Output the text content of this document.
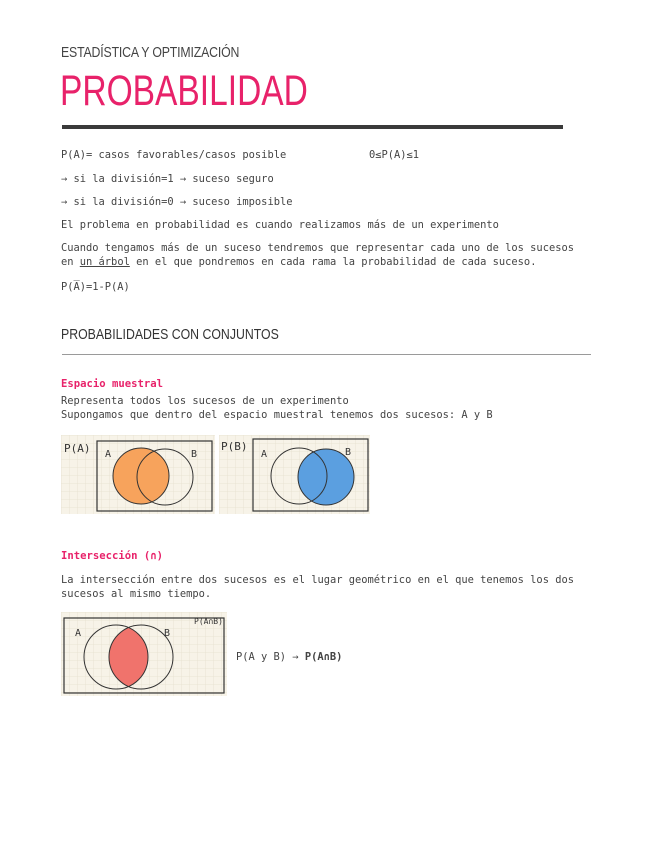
ESTADÍSTICA Y OPTIMIZACIÓN
PROBABILIDAD
P(A)= casos favorables/casos posible	0≤P(A)≤1
→ si la división=1 → suceso seguro
→ si la división=0 → suceso imposible
El problema en probabilidad es cuando realizamos más de un experimento
Cuando tengamos más de un suceso tendremos que representar cada uno de los sucesos en un árbol en el que pondremos en cada rama la probabilidad de cada suceso.
P(A̅)=1-P(A)
PROBABILIDADES CON CONJUNTOS
Espacio muestral
Representa todos los sucesos de un experimento
Supongamos que dentro del espacio muestral tenemos dos sucesos: A y B
P(A) A	B
P(B)
A	B
Intersección (∩)
La intersección entre dos sucesos es el lugar geométrico en el que tenemos los dos sucesos al mismo tiempo.
A	B
P(A∩B)
P(A y B) → P(A∩B)
